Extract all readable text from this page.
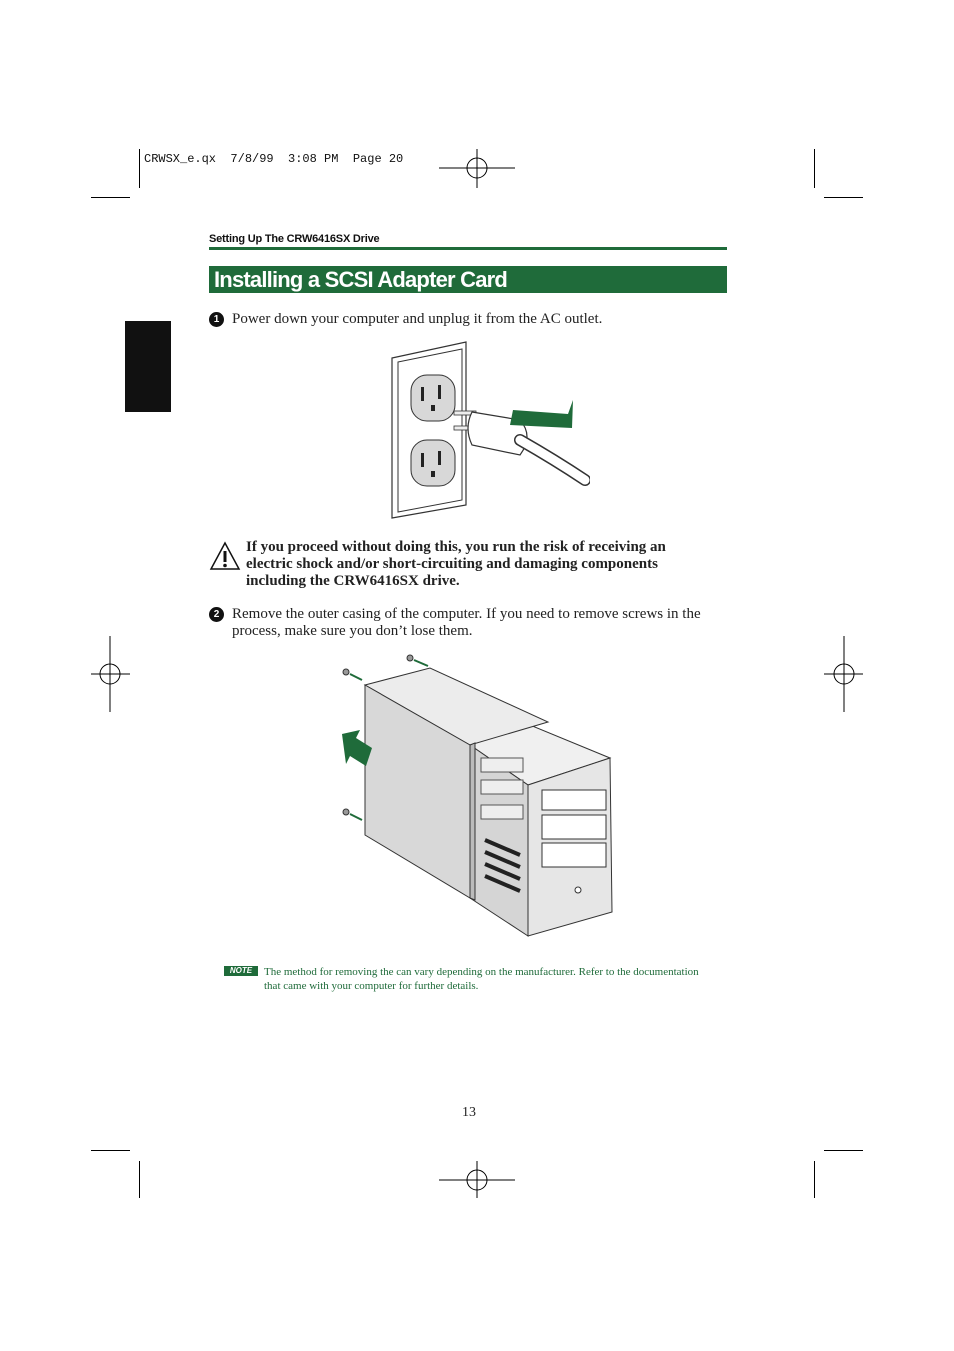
CRWSX_e.qx  7/8/99  3:08 PM  Page 20
Setting Up The CRW6416SX Drive
Installing a SCSI Adapter Card
1 Power down your computer and unplug it from the AC outlet.
If you proceed without doing this, you run the risk of receiving an electric shock and/or short-circuiting and damaging components including the CRW6416SX drive.
2 Remove the outer casing of the computer. If you need to remove screws in the process, make sure you don’t lose them.
NOTE	The method for removing the can vary depending on the manufacturer. Refer to the documentation that came with your computer for further details.
13
